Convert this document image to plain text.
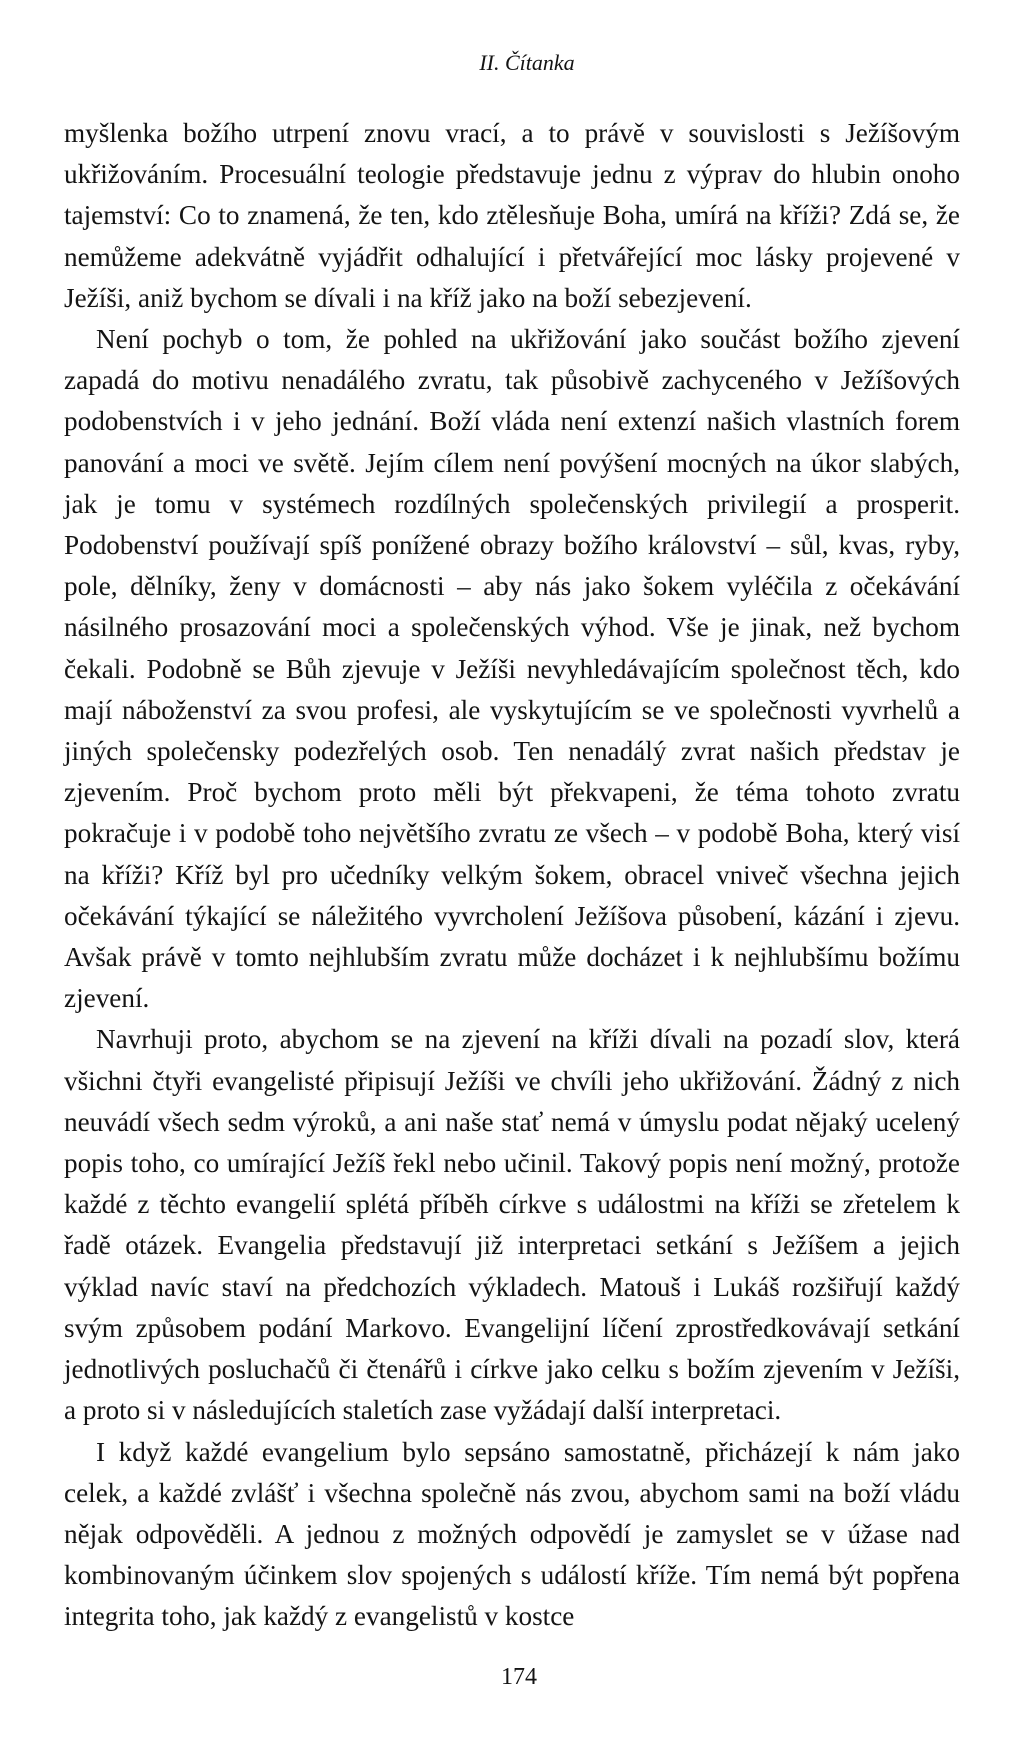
II. Čítanka

myšlenka božího utrpení znovu vrací, a to právě v souvislosti s Ježíšovým ukřižováním. Procesuální teologie představuje jednu z výprav do hlubin onoho tajemství: Co to znamená, že ten, kdo ztělesňuje Boha, umírá na kříži? Zdá se, že nemůžeme adekvátně vyjádřit odhalující i přetvářející moc lásky projevené v Ježíši, aniž bychom se dívali i na kříž jako na boží sebezjevení.

Není pochyb o tom, že pohled na ukřižování jako součást božího zjevení zapadá do motivu nenadálého zvratu, tak působivě zachyceného v Ježíšových podobenstvích i v jeho jednání. Boží vláda není extenzí našich vlastních forem panování a moci ve světě. Jejím cílem není povýšení mocných na úkor slabých, jak je tomu v systémech rozdílných společenských privilegií a prosperit. Podobenství používají spíš ponížené obrazy božího království – sůl, kvas, ryby, pole, dělníky, ženy v domácnosti – aby nás jako šokem vyléčila z očekávání násilného prosazování moci a společenských výhod. Vše je jinak, než bychom čekali. Podobně se Bůh zjevuje v Ježíši nevyhledávajícím společnost těch, kdo mají náboženství za svou profesi, ale vyskytujícím se ve společnosti vyvrhelů a jiných společensky podezřelých osob. Ten nenadálý zvrat našich představ je zjevením. Proč bychom proto měli být překvapeni, že téma tohoto zvratu pokračuje i v podobě toho největšího zvratu ze všech – v podobě Boha, který visí na kříži? Kříž byl pro učedníky velkým šokem, obracel vniveč všechna jejich očekávání týkající se náležitého vyvrcholení Ježíšova působení, kázání i zjevu. Avšak právě v tomto nejhlubším zvratu může docházet i k nejhlubšímu božímu zjevení.

Navrhuji proto, abychom se na zjevení na kříži dívali na pozadí slov, která všichni čtyři evangelisté připisují Ježíši ve chvíli jeho ukřižování. Žádný z nich neuvádí všech sedm výroků, a ani naše stať nemá v úmyslu podat nějaký ucelený popis toho, co umírající Ježíš řekl nebo učinil. Takový popis není možný, protože každé z těchto evangelií splétá příběh církve s událostmi na kříži se zřetelem k řadě otázek. Evangelia představují již interpretaci setkání s Ježíšem a jejich výklad navíc staví na předchozích výkladech. Matouš i Lukáš rozšiřují každý svým způsobem podání Markovo. Evangelijní líčení zprostředkovávají setkání jednotlivých posluchačů či čtenářů i církve jako celku s božím zjevením v Ježíši, a proto si v následujících staletích zase vyžádají další interpretaci.

I když každé evangelium bylo sepsáno samostatně, přicházejí k nám jako celek, a každé zvlášť i všechna společně nás zvou, abychom sami na boží vládu nějak odpověděli. A jednou z možných odpovědí je zamyslet se v úžase nad kombinovaným účinkem slov spojených s událostí kříže. Tím nemá být popřena integrita toho, jak každý z evangelistů v kostce

174
